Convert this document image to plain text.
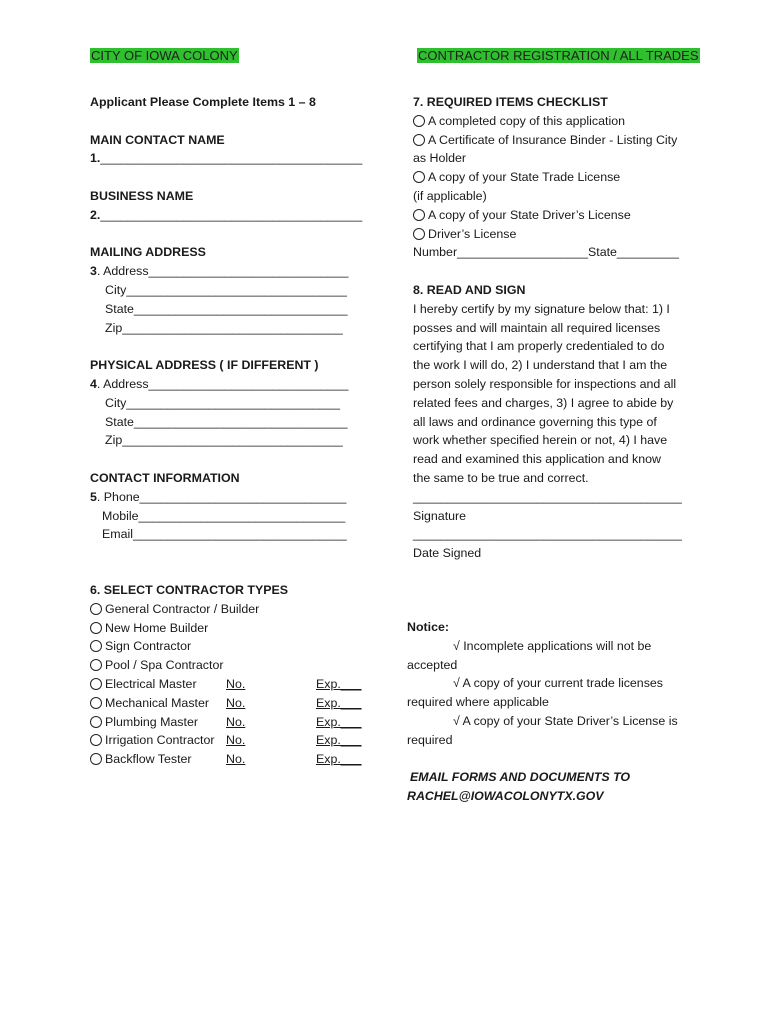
CITY OF IOWA COLONY	CONTRACTOR REGISTRATION / ALL TRADES
Applicant Please Complete Items 1 – 8
MAIN CONTACT NAME
1.______________________________________
BUSINESS NAME
2.______________________________________
MAILING ADDRESS
3. Address_____________________________
City________________________________
State_______________________________
Zip________________________________
PHYSICAL ADDRESS ( IF DIFFERENT )
4. Address_____________________________
City_______________________________
State_______________________________
Zip________________________________
CONTACT INFORMATION
5. Phone______________________________
Mobile______________________________
Email_______________________________
6. SELECT CONTRACTOR TYPES
General Contractor / Builder
New Home Builder
Sign Contractor
Pool / Spa Contractor
Electrical Master No.	Exp.___
Mechanical Master No.	Exp.___
Plumbing Master No.	Exp.___
Irrigation Contractor No.	Exp.___
Backflow Tester	No.	Exp.___
7. REQUIRED ITEMS CHECKLIST
A completed copy of this application
A Certificate of Insurance Binder - Listing City
as Holder
A copy of your State Trade License
(if applicable)
A copy of your State Driver’s License
Driver’s License
Number___________________State_________
8. READ AND SIGN
I hereby certify by my signature below that: 1) I
posses and will maintain all required licenses
certifying that I am properly credentialed to do
the work I will do, 2) I understand that I am the
person solely responsible for inspections and all
related fees and charges, 3) I agree to abide by
all laws and ordinance governing this type of
work whether specified herein or not, 4) I have
read and examined this application and know
the same to be true and correct.
_______________________________________
Signature
_______________________________________
Date Signed
Notice:
√ Incomplete applications will not be
accepted
√ A copy of your current trade licenses
required where applicable
√ A copy of your State Driver’s License is
required
EMAIL FORMS AND DOCUMENTS TO
RACHEL@IOWACOLONYTX.GOV
